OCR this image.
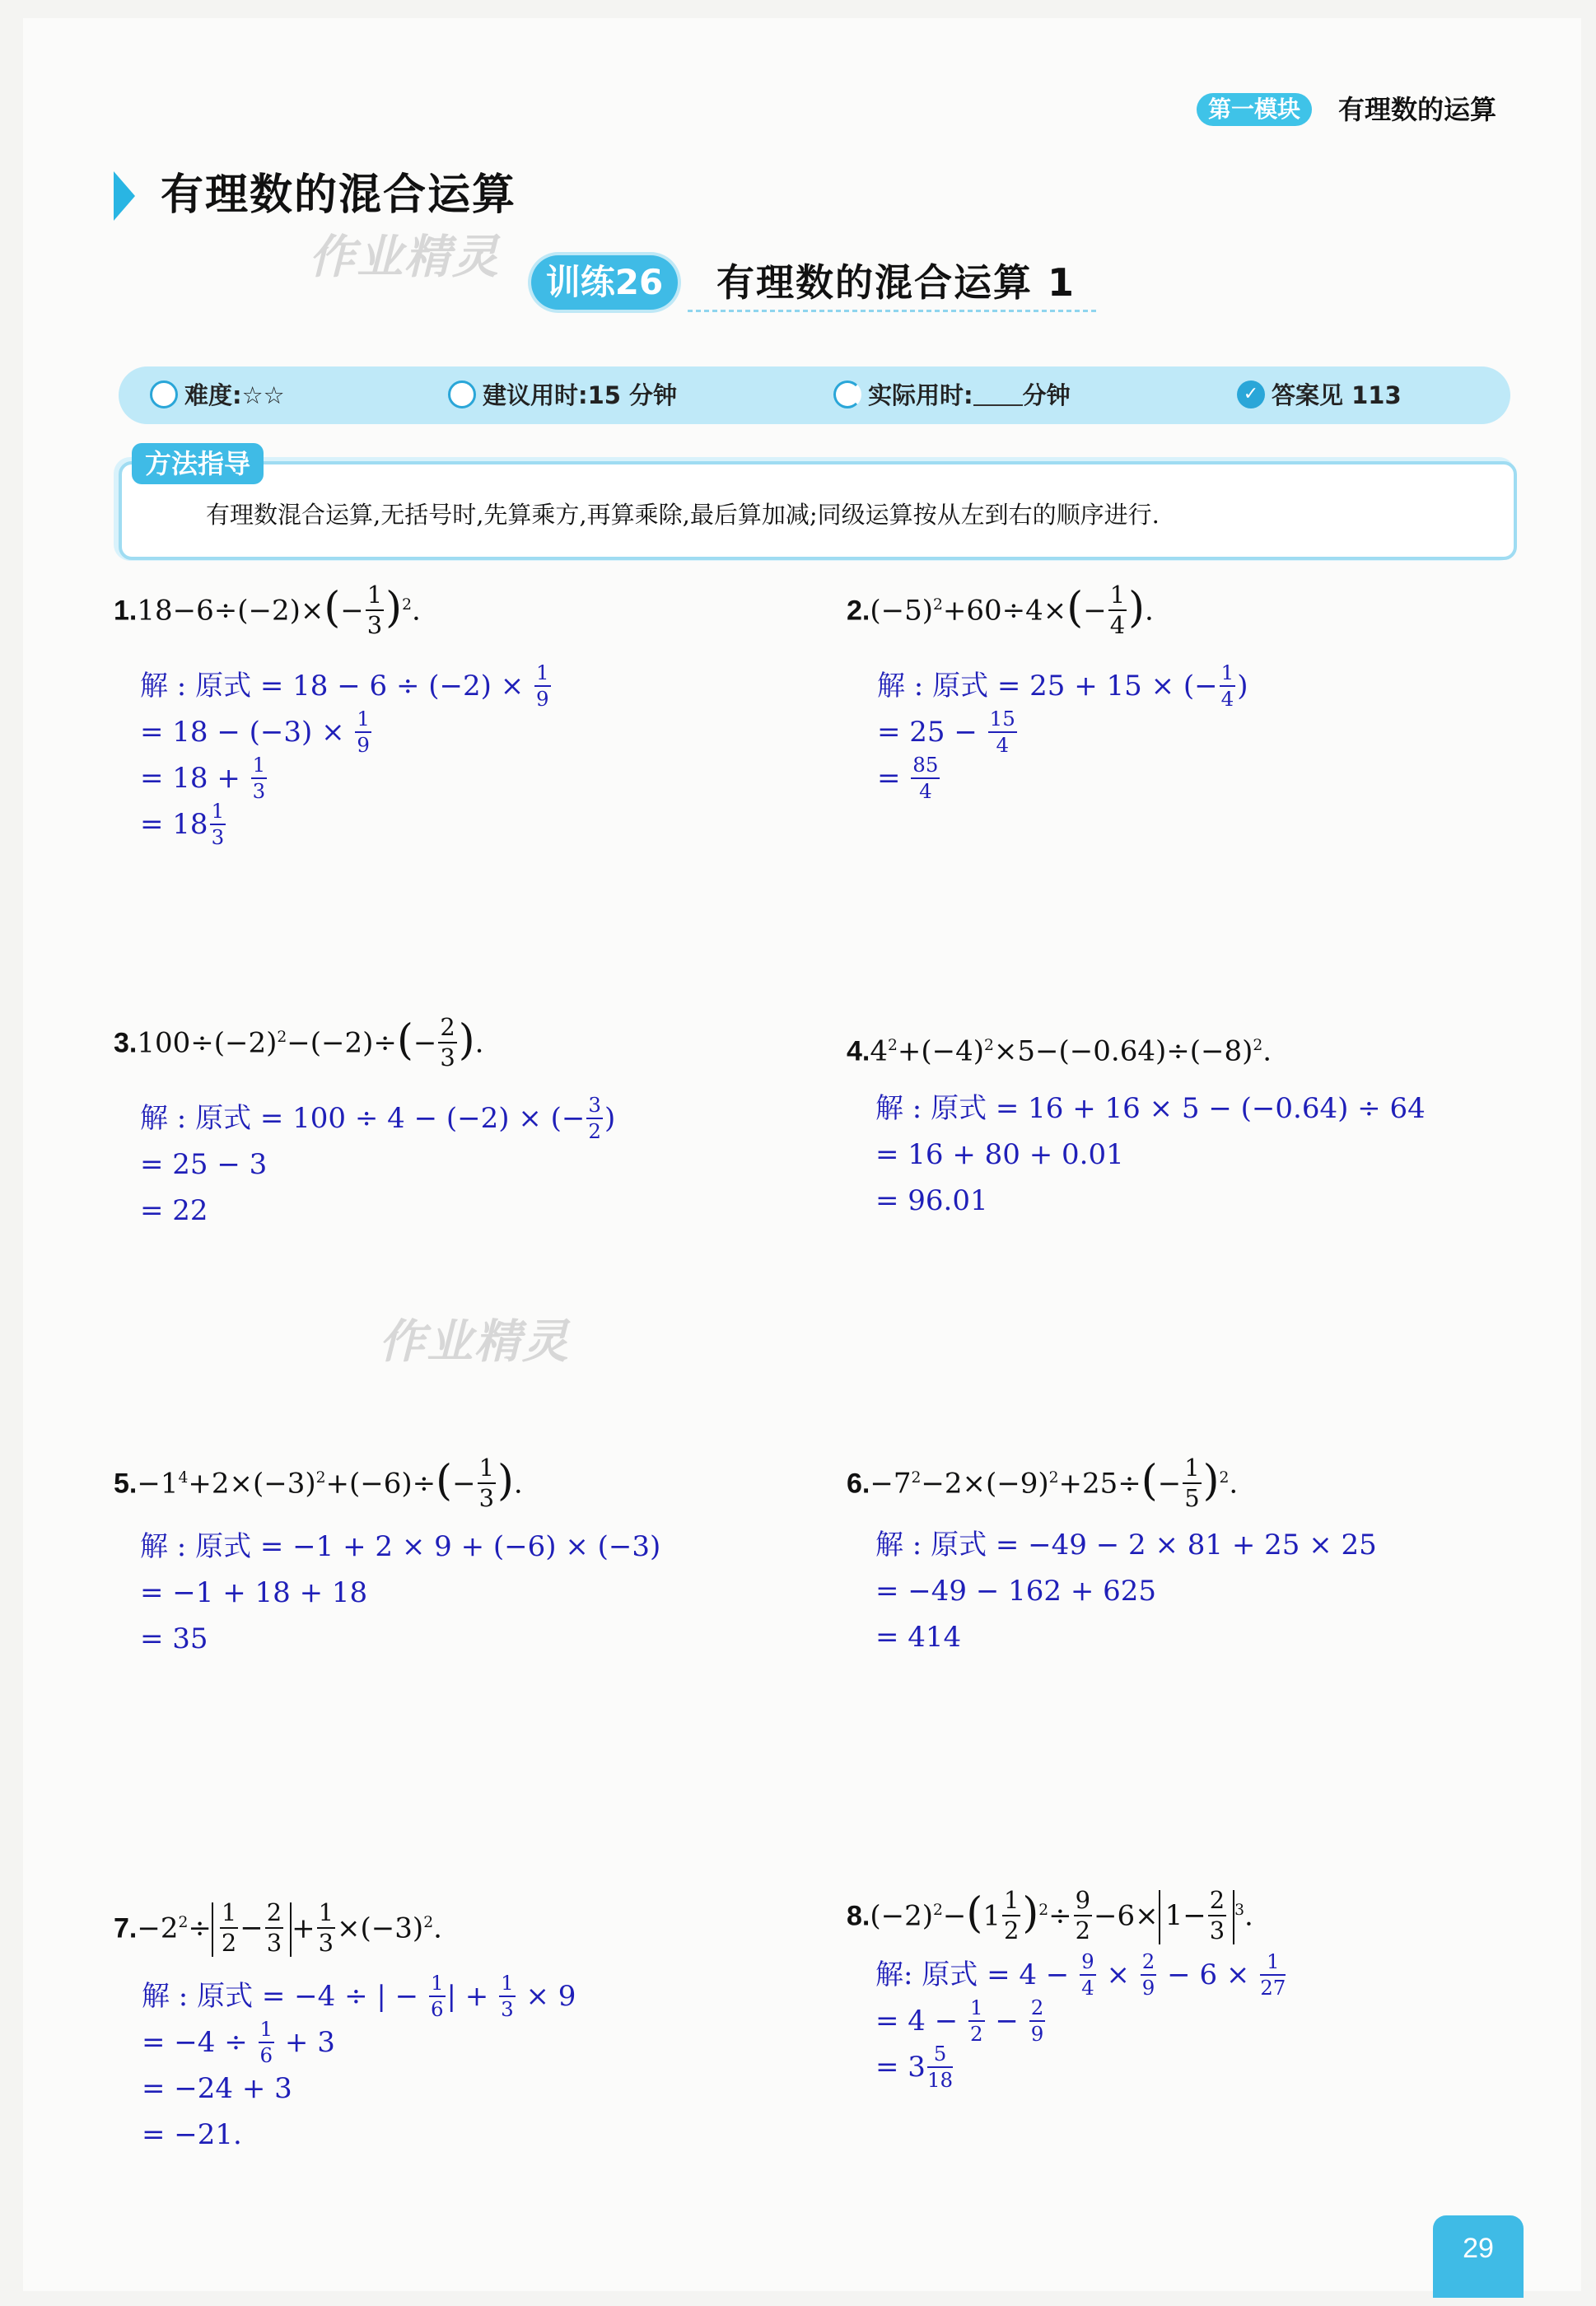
第一模块	有理数的运算
有理数的混合运算
作业精灵
作业精灵
训练26	有理数的混合运算 1
难度:☆☆	建议用时:15 分钟	实际用时: 分钟	✓ 答案见 113
方法指导
有理数混合运算,无括号时,先算乘方,再算乘除,最后算加减;同级运算按从左到右的顺序进行.
$1.18-6\div(-2)\times(- \frac{1}{3} )^2$.
解 : 原式 = $18 - 6 \div (-2) \times \frac{1}{9}$
= $18 - (-3) \times \frac{1}{9}$
= $18 + \frac{1}{3}$
= $18 \frac{1}{3}$
$2.(-5)^2+60\div 4\times(- \frac{1}{4}$ ).
解 : 原式 = 25 + 15 × (− $\frac{1}{4}$ )
= $25 - \frac{15}{4}$
= $\frac{85}{4}$
$3.100\div(-2)^2-(-2)\div(- \frac{2}{3}$ ).
解 : 原式 = 100 ÷ 4 − (−2) × (− $\frac{3}{2}$ )
= 25 − 3
= 22
$4.4^2+(-4)^2\times 5-(-0.64)\div(-8)^2$.
解 : 原式 = 16 + 16 × 5 − (−0.64) ÷ 64
= 16 + 80 + 0.01
= 96.01
$5.-1^4+2\times(-3)^2+(-6)\div(- \frac{1}{3}$ ).
解 : 原式 = −1 + 2 × 9 + (−6) × (−3)
= −1 + 18 + 18
= 35
$6.-7^2-2\times(-9)^2+25\div(- \frac{1}{5} )^2$.
解 : 原式 = −49 − 2 × 81 + 25 × 25
= −49 − 162 + 625
= 414
$7.-2^2\div \frac{1}{2} - \frac{2}{3} + \frac{1}{3} \times(-3)^2$.
解 : 原式 = −4 ÷ | − $\frac{1}{6}$ | + $\frac{1}{3} \times 9$
= $-4 \div \frac{1}{6} + 3$
= −24 + 3
= −21.
$8.(-2)^2-(1 \frac{1}{2} )^2\div \frac{9}{2} -6\times 1- \frac{2}{3} ^3$.
解: 原式 = $4 - \frac{9}{4} \times \frac{2}{9} - 6 \times \frac{1}{27}$
= $4 - \frac{1}{2} - \frac{2}{9}$
= $3 \frac{5}{18}$
29
